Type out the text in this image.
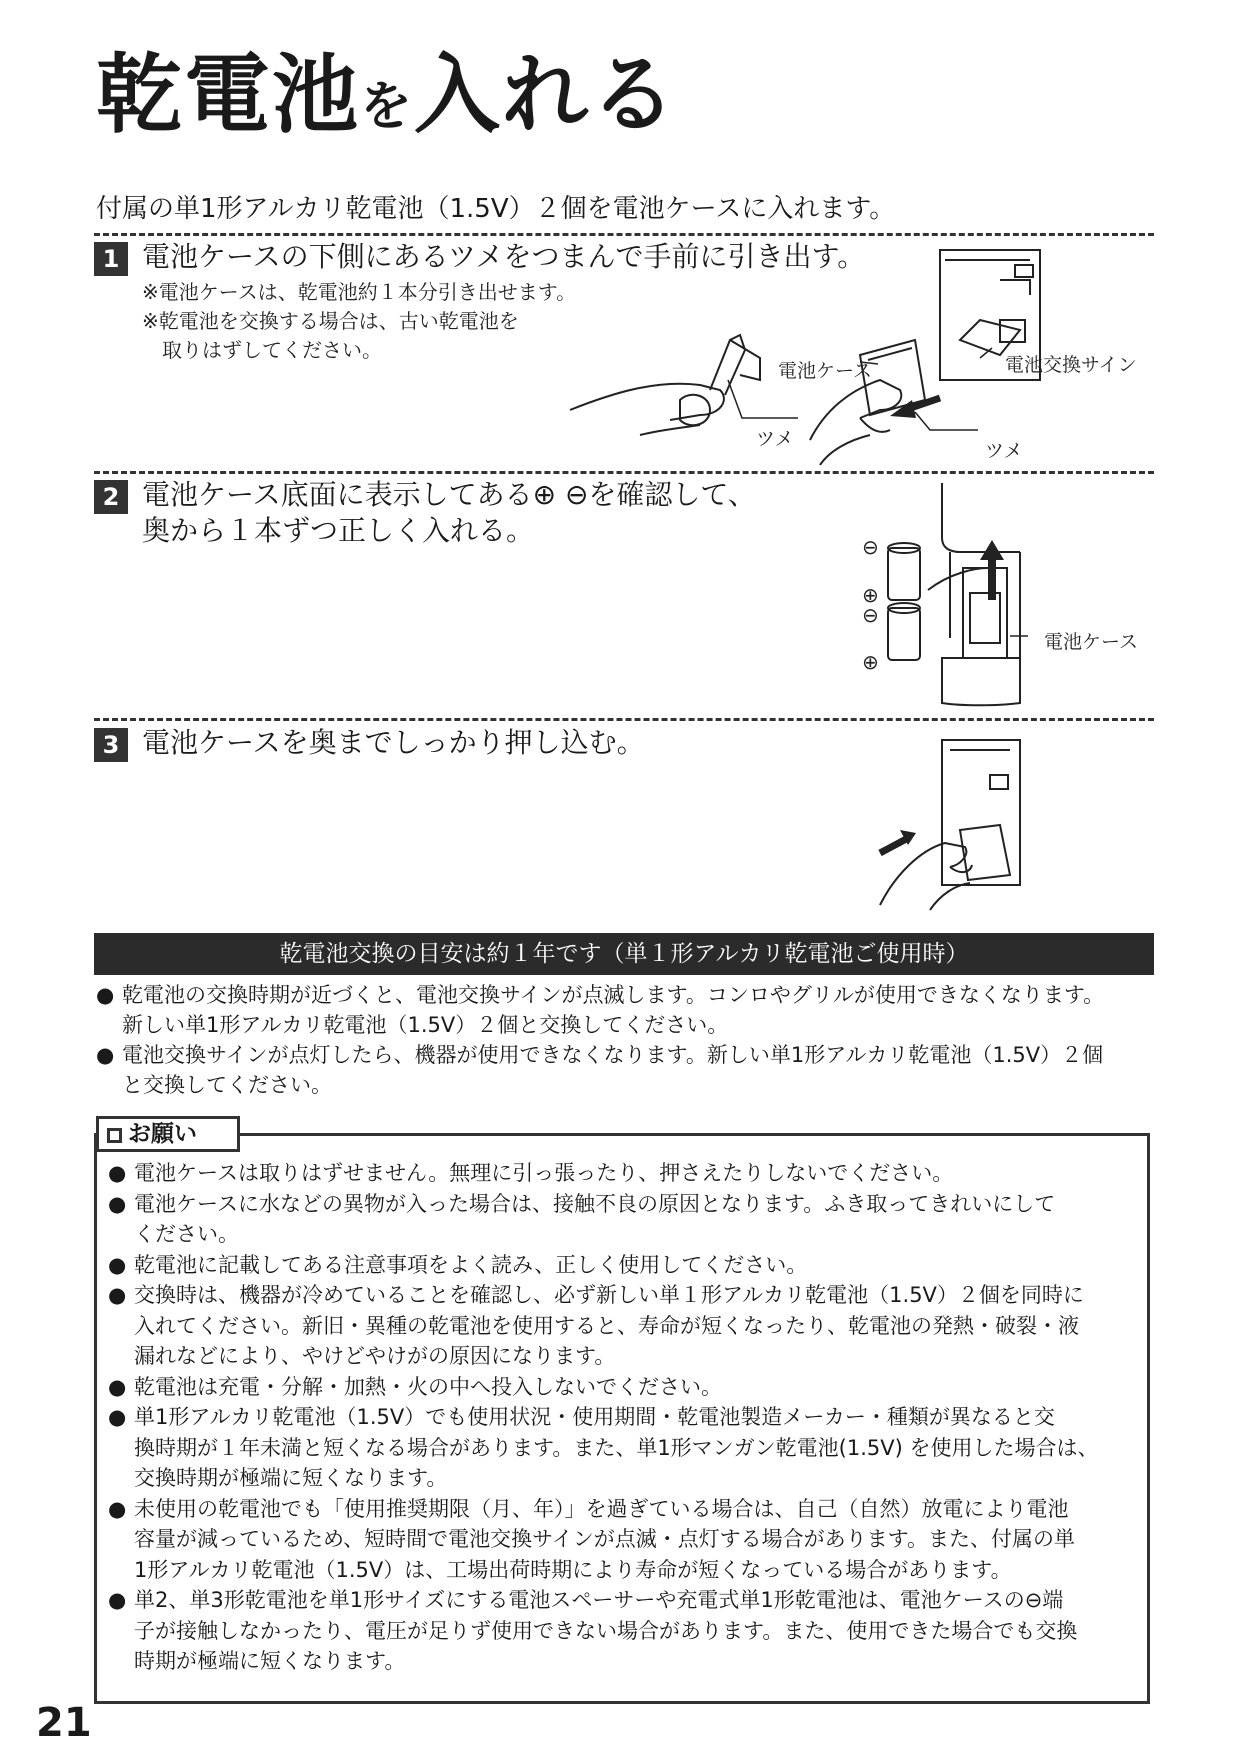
乾電池を入れる
付属の単1形アルカリ乾電池（1.5V）２個を電池ケースに入れます。
1 電池ケースの下側にあるツメをつまんで手前に引き出す。
※電池ケースは、乾電池約１本分引き出せます。
※乾電池を交換する場合は、古い乾電池を
　取りはずしてください。
電池ケース	電池交換サイン
ツメ
ツメ
2 電池ケース底面に表示してある⊕ ⊖を確認して、
奥から１本ずつ正しく入れる。	⊖
⊕
⊖
⊕
電池ケース
3 電池ケースを奥までしっかり押し込む。
乾電池交換の目安は約１年です（単１形アルカリ乾電池ご使用時）
● 乾電池の交換時期が近づくと、電池交換サインが点滅します。コンロやグリルが使用できなくなります。
新しい単1形アルカリ乾電池（1.5V）２個と交換してください。
● 電池交換サインが点灯したら、機器が使用できなくなります。新しい単1形アルカリ乾電池（1.5V）２個
と交換してください。
お願い
● 電池ケースは取りはずせません。無理に引っ張ったり、押さえたりしないでください。
● 電池ケースに水などの異物が入った場合は、接触不良の原因となります。ふき取ってきれいにして
ください。
● 乾電池に記載してある注意事項をよく読み、正しく使用してください。
● 交換時は、機器が冷めていることを確認し、必ず新しい単１形アルカリ乾電池（1.5V）２個を同時に
入れてください。新旧・異種の乾電池を使用すると、寿命が短くなったり、乾電池の発熱・破裂・液
漏れなどにより、やけどやけがの原因になります。
● 乾電池は充電・分解・加熱・火の中へ投入しないでください。
● 単1形アルカリ乾電池（1.5V）でも使用状況・使用期間・乾電池製造メーカー・種類が異なると交
換時期が１年未満と短くなる場合があります。また、単1形マンガン乾電池(1.5V) を使用した場合は、
交換時期が極端に短くなります。
● 未使用の乾電池でも「使用推奨期限（月、年）」を過ぎている場合は、自己（自然）放電により電池
容量が減っているため、短時間で電池交換サインが点滅・点灯する場合があります。また、付属の単
1形アルカリ乾電池（1.5V）は、工場出荷時期により寿命が短くなっている場合があります。
● 単2、単3形乾電池を単1形サイズにする電池スペーサーや充電式単1形乾電池は、電池ケースの⊖端
子が接触しなかったり、電圧が足りず使用できない場合があります。また、使用できた場合でも交換
時期が極端に短くなります。
21
